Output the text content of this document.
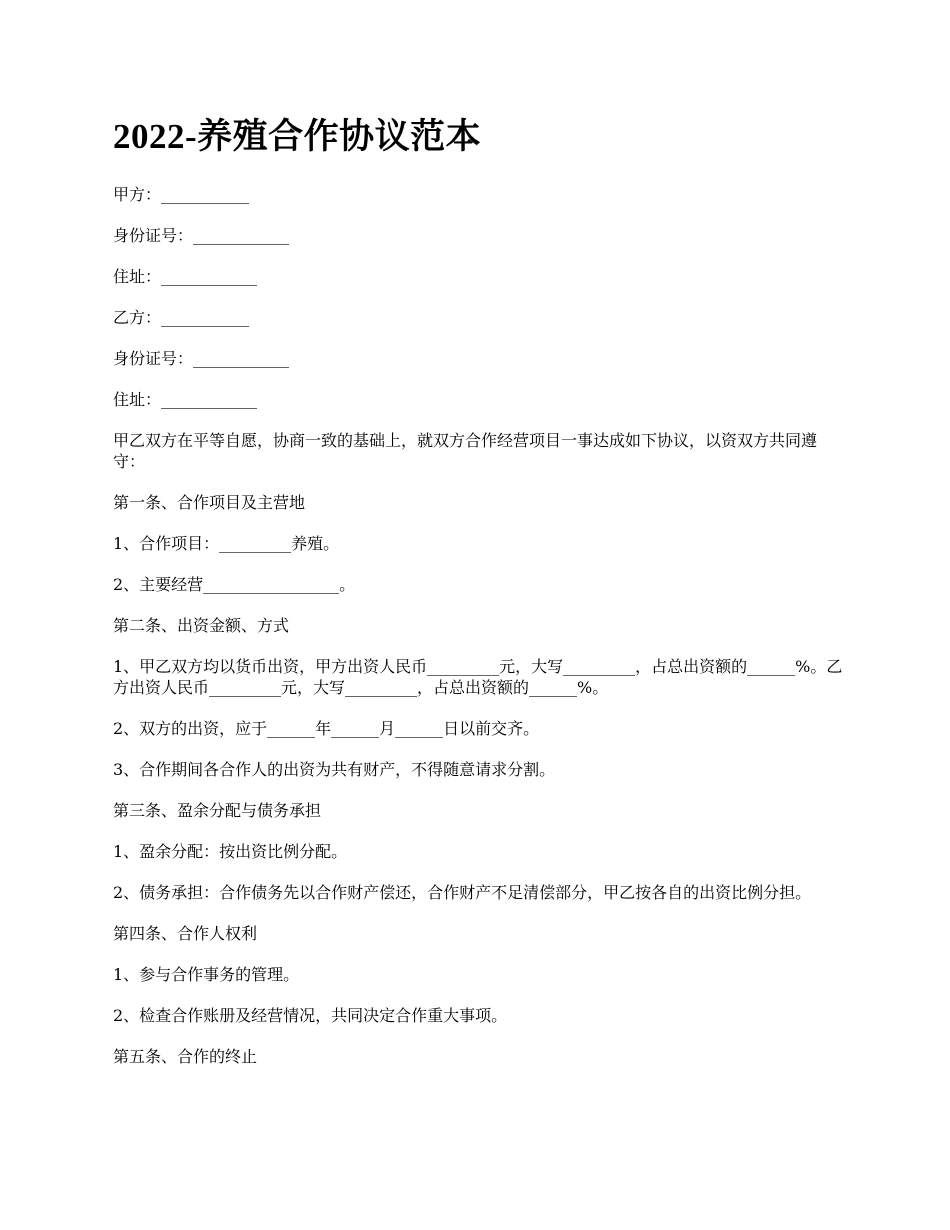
2022-养殖合作协议范本

甲方：___________

身份证号：____________

住址：____________

乙方：___________

身份证号：____________

住址：____________

甲乙双方在平等自愿，协商一致的基础上，就双方合作经营项目一事达成如下协议，以资双方共同遵守：

第一条、合作项目及主营地

1、合作项目：_________养殖。

2、主要经营_________________。

第二条、出资金额、方式

1、甲乙双方均以货币出资，甲方出资人民币_________元，大写_________，占总出资额的______%。乙方出资人民币_________元，大写_________，占总出资额的______%。

2、双方的出资，应于______年______月______日以前交齐。

3、合作期间各合作人的出资为共有财产，不得随意请求分割。

第三条、盈余分配与债务承担

1、盈余分配：按出资比例分配。

2、债务承担：合作债务先以合作财产偿还，合作财产不足清偿部分，甲乙按各自的出资比例分担。

第四条、合作人权利

1、参与合作事务的管理。

2、检查合作账册及经营情况，共同决定合作重大事项。

第五条、合作的终止
